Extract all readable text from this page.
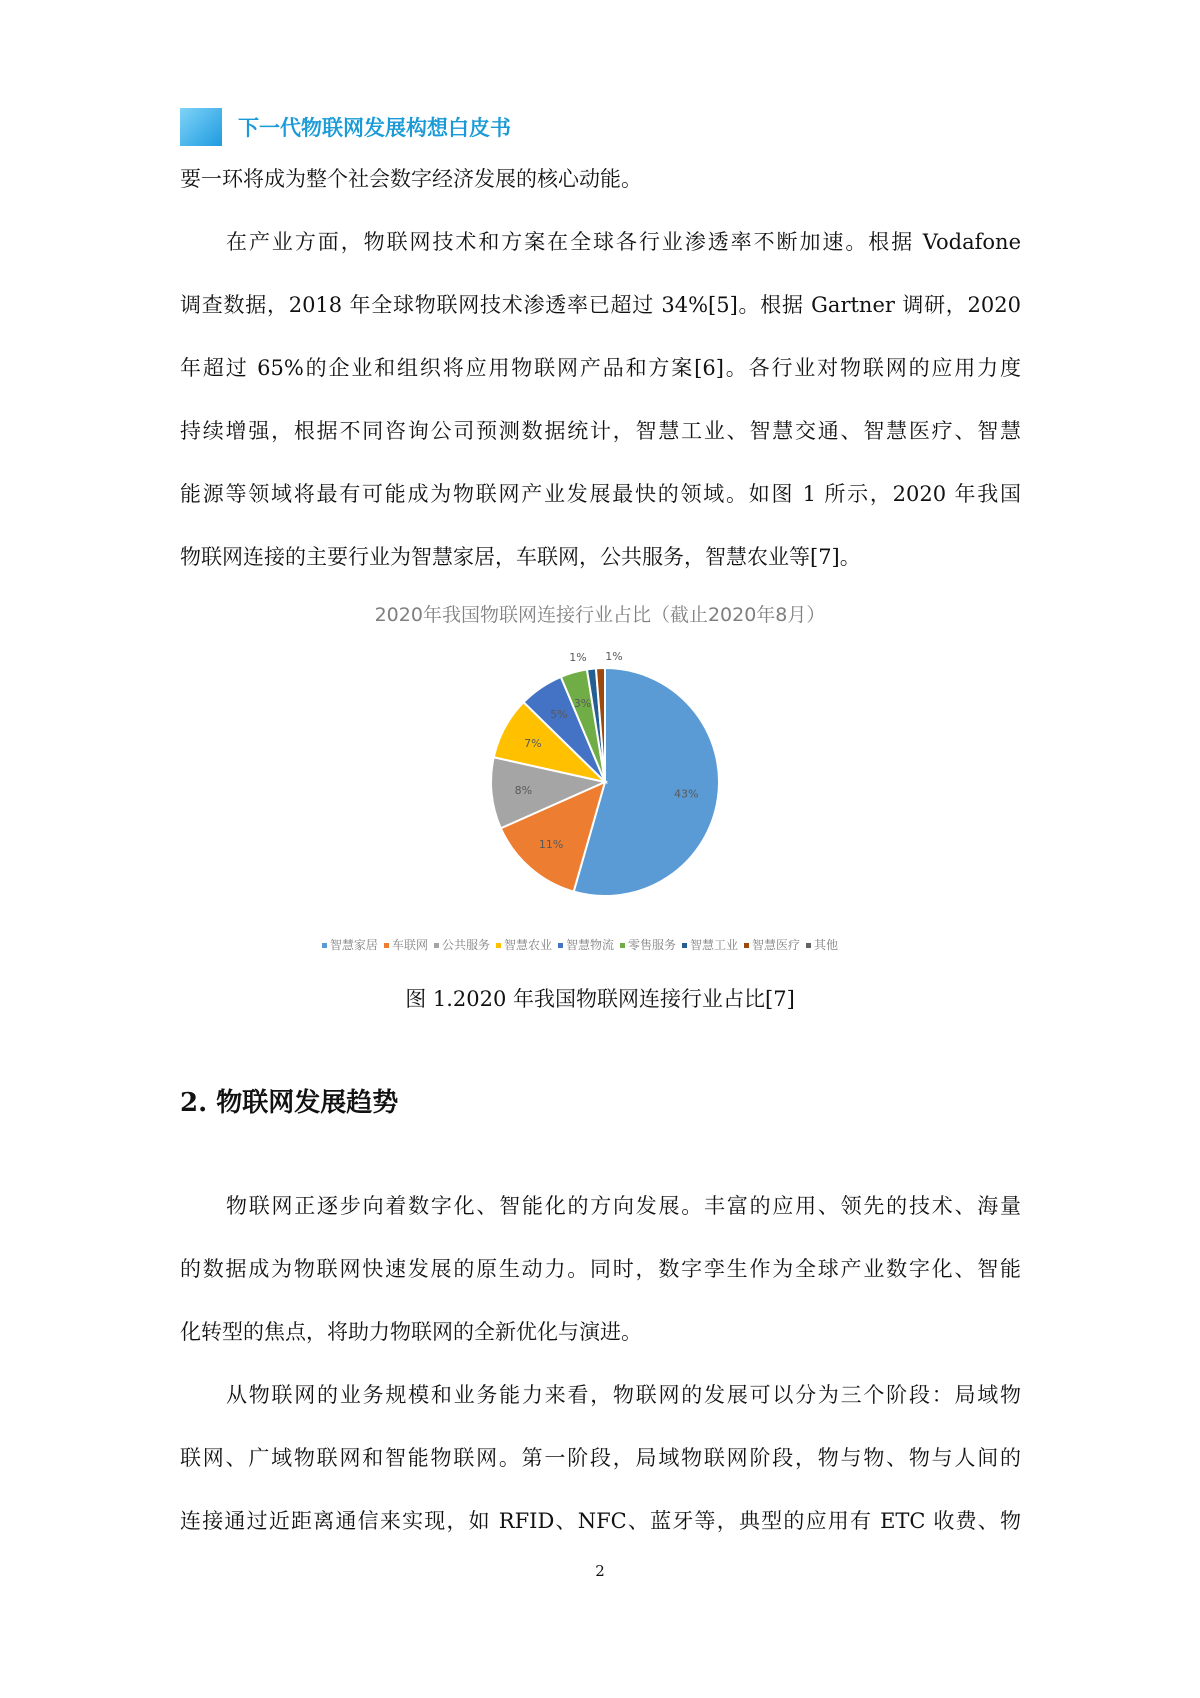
下一代物联网发展构想白皮书
要一环将成为整个社会数字经济发展的核心动能。
在产业方面，物联网技术和方案在全球各行业渗透率不断加速。根据 Vodafone
调查数据，2018 年全球物联网技术渗透率已超过 34%[5]。根据 Gartner 调研，2020
年超过 65%的企业和组织将应用物联网产品和方案[6]。各行业对物联网的应用力度
持续增强，根据不同咨询公司预测数据统计，智慧工业、智慧交通、智慧医疗、智慧
能源等领域将最有可能成为物联网产业发展最快的领域。如图 1 所示，2020 年我国
物联网连接的主要行业为智慧家居，车联网，公共服务，智慧农业等[7]。
2020年我国物联网连接行业占比（截止2020年8月）
43%
11%
8%
7%
5%
3%
1% 1%
智慧家居 车联网 公共服务 智慧农业 智慧物流 零售服务 智慧工业 智慧医疗 其他
图 1.2020 年我国物联网连接行业占比[7]
2. 物联网发展趋势
物联网正逐步向着数字化、智能化的方向发展。丰富的应用、领先的技术、海量
的数据成为物联网快速发展的原生动力。同时，数字孪生作为全球产业数字化、智能
化转型的焦点，将助力物联网的全新优化与演进。
从物联网的业务规模和业务能力来看，物联网的发展可以分为三个阶段：局域物
联网、广域物联网和智能物联网。第一阶段，局域物联网阶段，物与物、物与人间的
连接通过近距离通信来实现，如 RFID、NFC、蓝牙等，典型的应用有 ETC 收费、物
2
